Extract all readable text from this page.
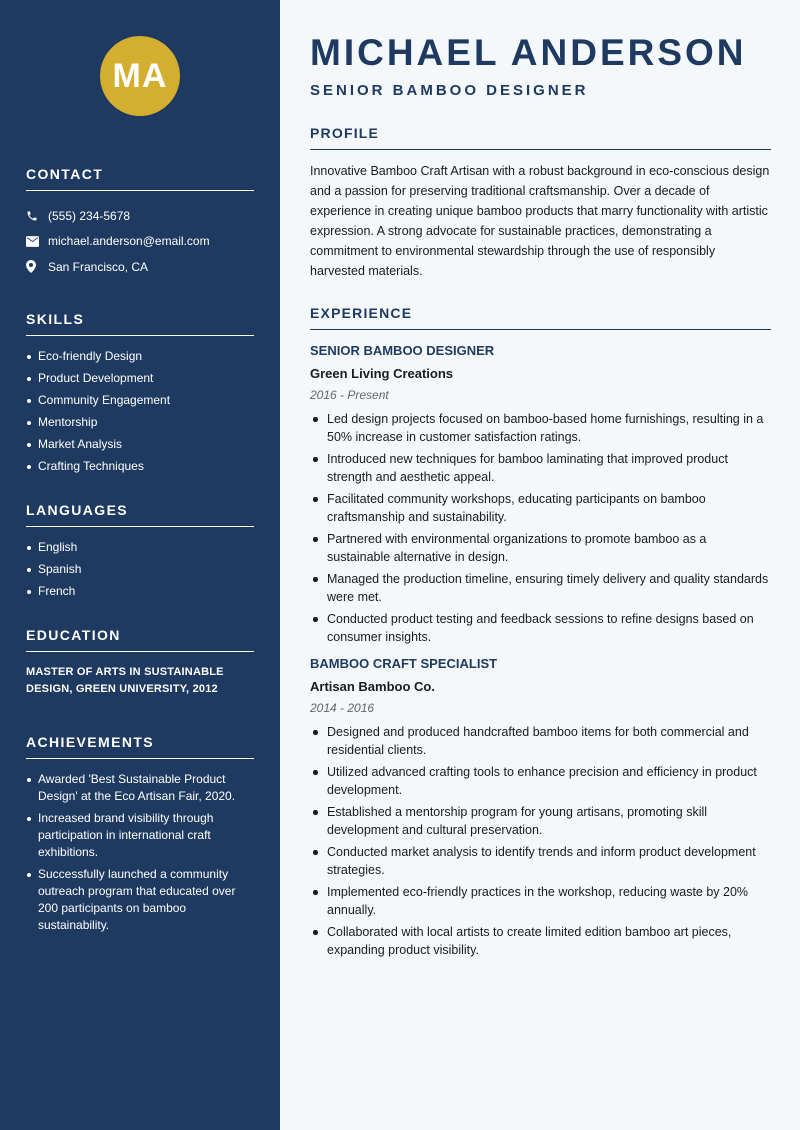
MA
CONTACT
(555) 234-5678
michael.anderson@email.com
San Francisco, CA
SKILLS
Eco-friendly Design
Product Development
Community Engagement
Mentorship
Market Analysis
Crafting Techniques
LANGUAGES
English
Spanish
French
EDUCATION

MASTER OF ARTS IN SUSTAINABLE DESIGN, GREEN UNIVERSITY, 2012

ACHIEVEMENTS
Awarded 'Best Sustainable Product Design' at the Eco Artisan Fair, 2020.
Increased brand visibility through participation in international craft exhibitions.
Successfully launched a community outreach program that educated over 200 participants on bamboo sustainability.
MICHAEL ANDERSON
SENIOR BAMBOO DESIGNER
PROFILE

Innovative Bamboo Craft Artisan with a robust background in eco-conscious design and a passion for preserving traditional craftsmanship. Over a decade of experience in creating unique bamboo products that marry functionality with artistic expression. A strong advocate for sustainable practices, demonstrating a commitment to environmental stewardship through the use of responsibly harvested materials.

EXPERIENCE
SENIOR BAMBOO DESIGNER
Green Living Creations
2016 - Present
Led design projects focused on bamboo-based home furnishings, resulting in a 50% increase in customer satisfaction ratings.
Introduced new techniques for bamboo laminating that improved product strength and aesthetic appeal.
Facilitated community workshops, educating participants on bamboo craftsmanship and sustainability.
Partnered with environmental organizations to promote bamboo as a sustainable alternative in design.
Managed the production timeline, ensuring timely delivery and quality standards were met.
Conducted product testing and feedback sessions to refine designs based on consumer insights.
BAMBOO CRAFT SPECIALIST
Artisan Bamboo Co.
2014 - 2016
Designed and produced handcrafted bamboo items for both commercial and residential clients.
Utilized advanced crafting tools to enhance precision and efficiency in product development.
Established a mentorship program for young artisans, promoting skill development and cultural preservation.
Conducted market analysis to identify trends and inform product development strategies.
Implemented eco-friendly practices in the workshop, reducing waste by 20% annually.
Collaborated with local artists to create limited edition bamboo art pieces, expanding product visibility.
